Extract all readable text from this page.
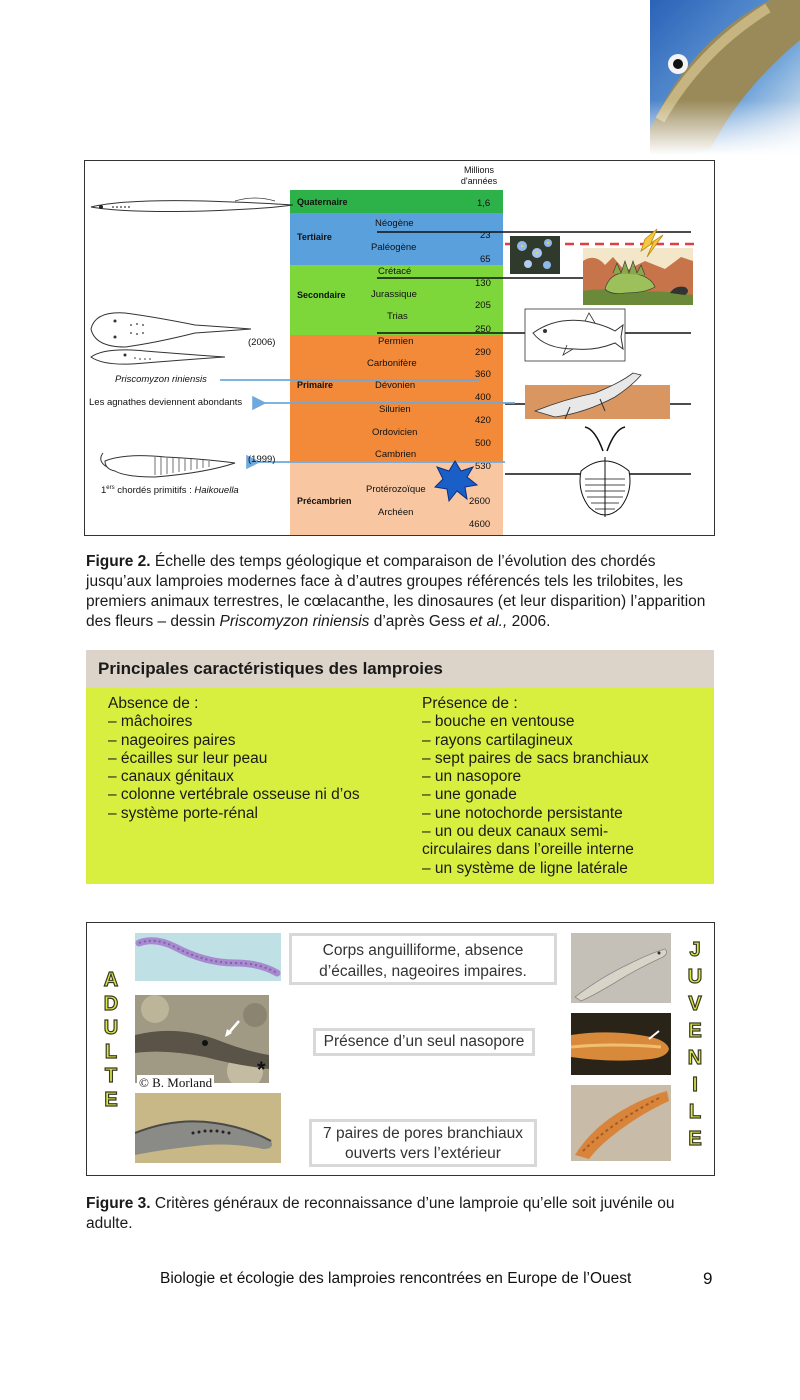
Millions
d'années
Quaternaire
Tertiaire
Secondaire
Primaire
Précambrien
Néogène
Paléogène
Crétacé
Jurassique
Trias
Permien
Carbonifère
Dévonien
Silurien
Ordovicien
Cambrien
Protérozoïque
Archéen
1,6
23
65
130
205
250
290
360
400
420
500
530
2600
4600
(2006)
Priscomyzon riniensis
Les agnathes deviennent abondants
(1999)
1ers chordés primitifs : Haikouella
Figure 2. Échelle des temps géologique et comparaison de l’évolution des chordés jusqu’aux lamproies modernes face à d’autres groupes référencés tels les trilobites, les premiers animaux terrestres, le cœlacanthe, les dinosaures (et leur disparition) l’apparition des fleurs – dessin Priscomyzon riniensis d’après Gess et al., 2006.
Principales caractéristiques des lamproies
Absence de :
– mâchoires
– nageoires paires
– écailles sur leur peau
– canaux génitaux
– colonne vertébrale osseuse ni d’os
– système porte-rénal
Présence de :
– bouche en ventouse
– rayons cartilagineux
– sept paires de sacs branchiaux
– un nasopore
– une gonade
– une notochorde persistante
– un ou deux canaux semi-
circulaires dans l’oreille interne
– un système de ligne latérale
A
D
U
L
T
E
J
U
V
E
N
I
L
E
*
© B. Morland
Corps anguilliforme, absence
d’écailles, nageoires impaires.
Présence d’un seul nasopore
7 paires de pores branchiaux
ouverts vers l’extérieur
Figure 3. Critères généraux de reconnaissance d’une lamproie qu’elle soit juvénile ou adulte.
Biologie et écologie des lamproies rencontrées en Europe de l’Ouest	9
